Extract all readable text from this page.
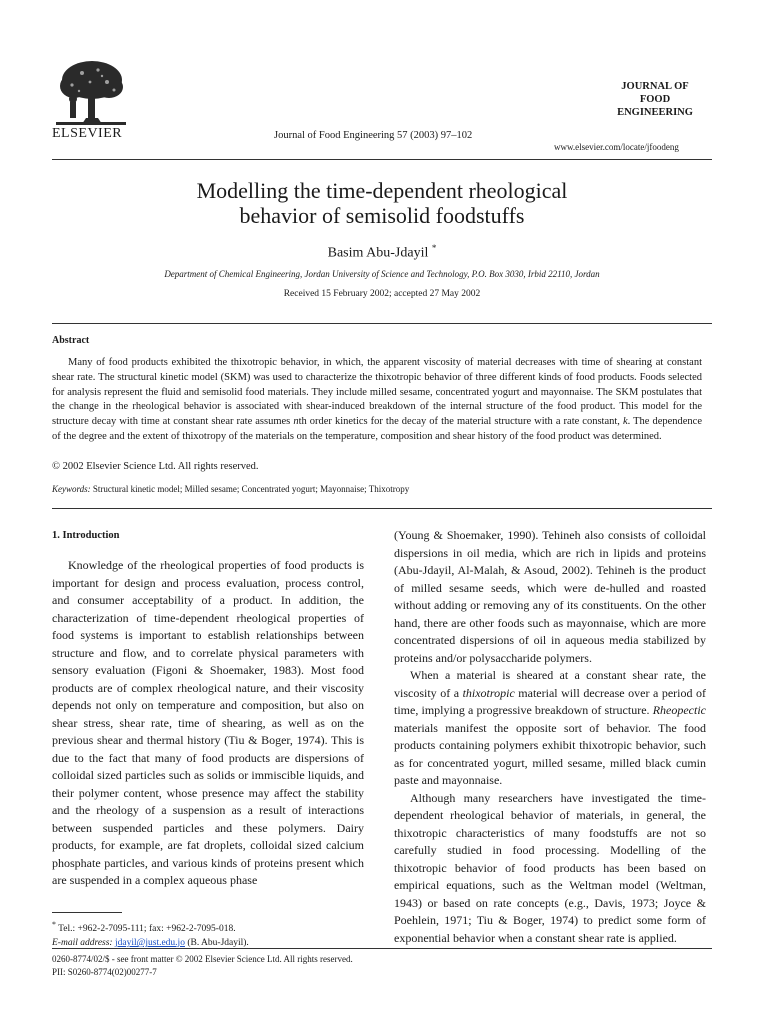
ELSEVIER	Journal of Food Engineering 57 (2003) 97–102
JOURNAL OF
FOOD
ENGINEERING
www.elsevier.com/locate/jfoodeng
Modelling the time-dependent rheological
behavior of semisolid foodstuffs
Basim Abu-Jdayil *
Department of Chemical Engineering, Jordan University of Science and Technology, P.O. Box 3030, Irbid 22110, Jordan
Received 15 February 2002; accepted 27 May 2002
Abstract
Many of food products exhibited the thixotropic behavior, in which, the apparent viscosity of material decreases with time of shearing at constant shear rate. The structural kinetic model (SKM) was used to characterize the thixotropic behavior of three different kinds of food products. Foods selected for analysis represent the fluid and semisolid food materials. They include milled sesame, concentrated yogurt and mayonnaise. The SKM postulates that the change in the rheological behavior is associated with shear-induced breakdown of the internal structure of the food product. This model for the structure decay with time at constant shear rate assumes nth order kinetics for the decay of the material structure with a rate constant, k. The dependence of the degree and the extent of thixotropy of the materials on the temperature, composition and shear history of the food product was determined.
© 2002 Elsevier Science Ltd. All rights reserved.
Keywords: Structural kinetic model; Milled sesame; Concentrated yogurt; Mayonnaise; Thixotropy
1. Introduction

Knowledge of the rheological properties of food products is important for design and process evaluation, process control, and consumer acceptability of a product. In addition, the characterization of time-dependent rheological properties of food systems is important to establish relationships between structure and flow, and to correlate physical parameters with sensory evaluation (Figoni & Shoemaker, 1983). Most food products are of complex rheological nature, and their viscosity depends not only on temperature and composition, but also on shear stress, shear rate, time of shearing, as well as on the previous shear and thermal history (Tiu & Boger, 1974). This is due to the fact that many of food products are dispersions of colloidal sized particles such as solids or immiscible liquids, and their polymer content, whose presence may affect the stability and the rheology of a suspension as a result of interactions between suspended particles and these polymers. Dairy products, for example, are fat droplets, colloidal sized calcium phosphate particles, and various kinds of proteins present which are suspended in a complex aqueous phase

(Young & Shoemaker, 1990). Tehineh also consists of colloidal dispersions in oil media, which are rich in lipids and proteins (Abu-Jdayil, Al-Malah, & Asoud, 2002). Tehineh is the product of milled sesame seeds, which were de-hulled and roasted without adding or removing any of its constituents. On the other hand, there are other foods such as mayonnaise, which are more concentrated dispersions of oil in aqueous media stabilized by proteins and/or polysaccharide polymers.

When a material is sheared at a constant shear rate, the viscosity of a thixotropic material will decrease over a period of time, implying a progressive breakdown of structure. Rheopectic materials manifest the opposite sort of behavior. The food products containing polymers exhibit thixotropic behavior, such as for concentrated yogurt, milled sesame, milled black cumin paste and mayonnaise.

Although many researchers have investigated the time-dependent rheological behavior of materials, in general, the thixotropic characteristics of many foodstuffs are not so carefully studied in food processing. Modelling of the thixotropic behavior of food products has been based on empirical equations, such as the Weltman model (Weltman, 1943) or based on rate concepts (e.g., Davis, 1973; Joyce & Poehlein, 1971; Tiu & Boger, 1974) to predict some form of exponential behavior when a constant shear rate is applied.

* Tel.: +962-2-7095-111; fax: +962-2-7095-018.
E-mail address: jdayil@just.edu.jo (B. Abu-Jdayil).
0260-8774/02/$ - see front matter © 2002 Elsevier Science Ltd. All rights reserved.
PII: S0260-8774(02)00277-7
